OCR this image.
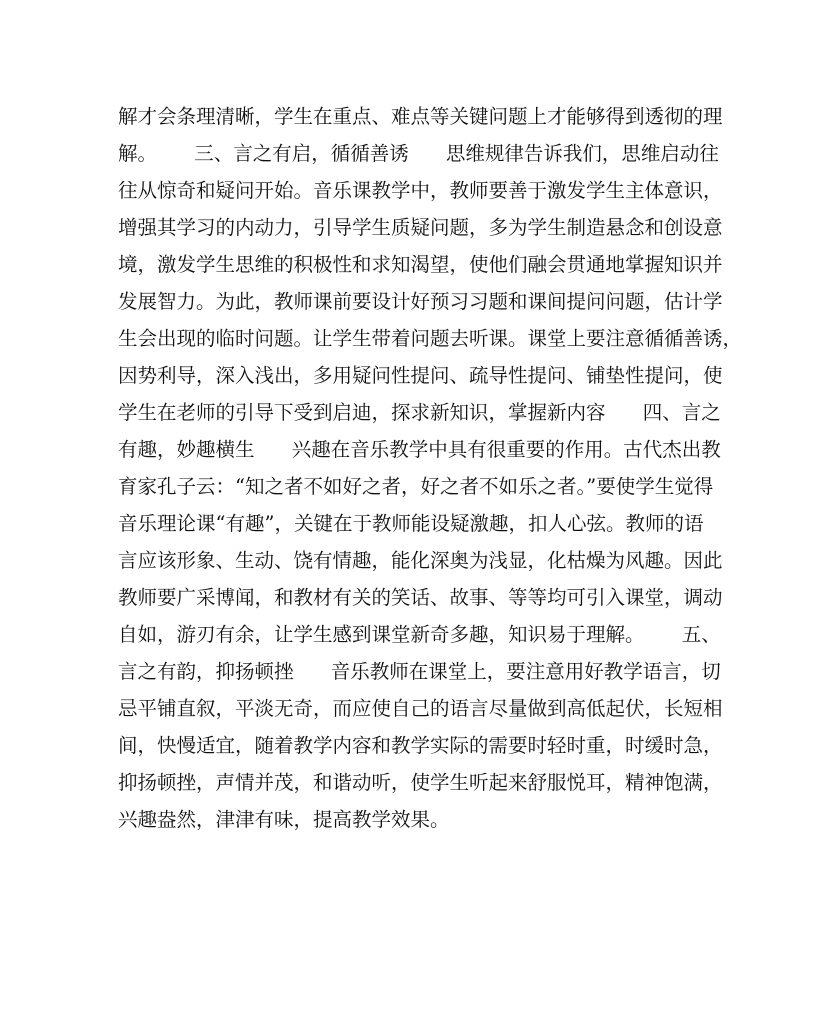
解才会条理清晰，学生在重点、难点等关键问题上才能够得到透彻的理

解。      三、言之有启，循循善诱      思维规律告诉我们，思维启动往

往从惊奇和疑问开始。音乐课教学中，教师要善于激发学生主体意识，

增强其学习的内动力，引导学生质疑问题，多为学生制造悬念和创设意

境，激发学生思维的积极性和求知渴望，使他们融会贯通地掌握知识并

发展智力。为此，教师课前要设计好预习习题和课间提问问题，估计学

生会出现的临时问题。让学生带着问题去听课。课堂上要注意循循善诱，

因势利导，深入浅出，多用疑问性提问、疏导性提问、铺垫性提问，使

学生在老师的引导下受到启迪，探求新知识，掌握新内容      四、言之

有趣，妙趣横生      兴趣在音乐教学中具有很重要的作用。古代杰出教

育家孔子云：“知之者不如好之者，好之者不如乐之者。”要使学生觉得

音乐理论课“有趣”，关键在于教师能设疑激趣，扣人心弦。教师的语

言应该形象、生动、饶有情趣，能化深奥为浅显，化枯燥为风趣。因此

教师要广采博闻，和教材有关的笑话、故事、等等均可引入课堂，调动

自如，游刃有余，让学生感到课堂新奇多趣，知识易于理解。      五、

言之有韵，抑扬顿挫      音乐教师在课堂上，要注意用好教学语言，切

忌平铺直叙，平淡无奇，而应使自己的语言尽量做到高低起伏，长短相

间，快慢适宜，随着教学内容和教学实际的需要时轻时重，时缓时急，

抑扬顿挫，声情并茂，和谐动听，使学生听起来舒服悦耳，精神饱满，

兴趣盎然，津津有味，提高教学效果。
